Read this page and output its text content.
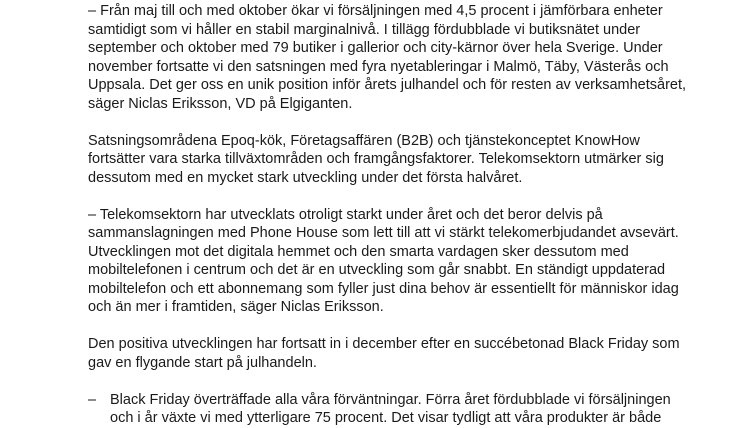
– Från maj till och med oktober ökar vi försäljningen med 4,5 procent i jämförbara enheter samtidigt som vi håller en stabil marginalnivå. I tillägg fördubblade vi butiksnätet under september och oktober med 79 butiker i gallerior och city-kärnor över hela Sverige. Under november fortsatte vi den satsningen med fyra nyetableringar i Malmö, Täby, Västerås och Uppsala. Det ger oss en unik position inför årets julhandel och för resten av verksamhetsåret, säger Niclas Eriksson, VD på Elgiganten.

Satsningsområdena Epoq-kök, Företagsaffären (B2B) och tjänstekonceptet KnowHow fortsätter vara starka tillväxtområden och framgångsfaktorer. Telekomsektorn utmärker sig dessutom med en mycket stark utveckling under det första halvåret.

– Telekomsektorn har utvecklats otroligt starkt under året och det beror delvis på sammanslagningen med Phone House som lett till att vi stärkt telekomerbjudandet avsevärt. Utvecklingen mot det digitala hemmet och den smarta vardagen sker dessutom med mobiltelefonen i centrum och det är en utveckling som går snabbt. En ständigt uppdaterad mobiltelefon och ett abonnemang som fyller just dina behov är essentiellt för människor idag och än mer i framtiden, säger Niclas Eriksson.

Den positiva utvecklingen har fortsatt in i december efter en succébetonad Black Friday som gav en flygande start på julhandeln.

– Black Friday överträffade alla våra förväntningar. Förra året fördubblade vi försäljningen och i år växte vi med ytterligare 75 procent. Det visar tydligt att våra produkter är både
